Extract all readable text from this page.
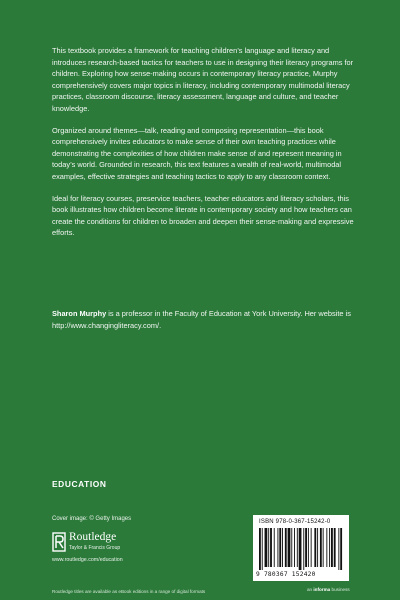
This textbook provides a framework for teaching children’s language and literacy and introduces research-based tactics for teachers to use in designing their literacy programs for children. Exploring how sense-making occurs in contemporary literacy practice, Murphy comprehensively covers major topics in literacy, including contemporary multimodal literacy practices, classroom discourse, literacy assessment, language and culture, and teacher knowledge.

Organized around themes—talk, reading and composing representation—this book comprehensively invites educators to make sense of their own teaching practices while demonstrating the complexities of how children make sense of and represent meaning in today’s world. Grounded in research, this text features a wealth of real-world, multimodal examples, effective strategies and teaching tactics to apply to any classroom context.

Ideal for literacy courses, preservice teachers, teacher educators and literacy scholars, this book illustrates how children become literate in contemporary society and how teachers can create the conditions for children to broaden and deepen their sense-making and expressive efforts.

Sharon Murphy is a professor in the Faculty of Education at York University. Her website is http://www.changingliteracy.com/.
EDUCATION
Cover image: © Getty Images
Routledge
Taylor & Francis Group
www.routledge.com/education
Routledge titles are available as eBook editions in a range of digital formats
ISBN 978-0-367-15242-0
9 780367 152420
an informa business
